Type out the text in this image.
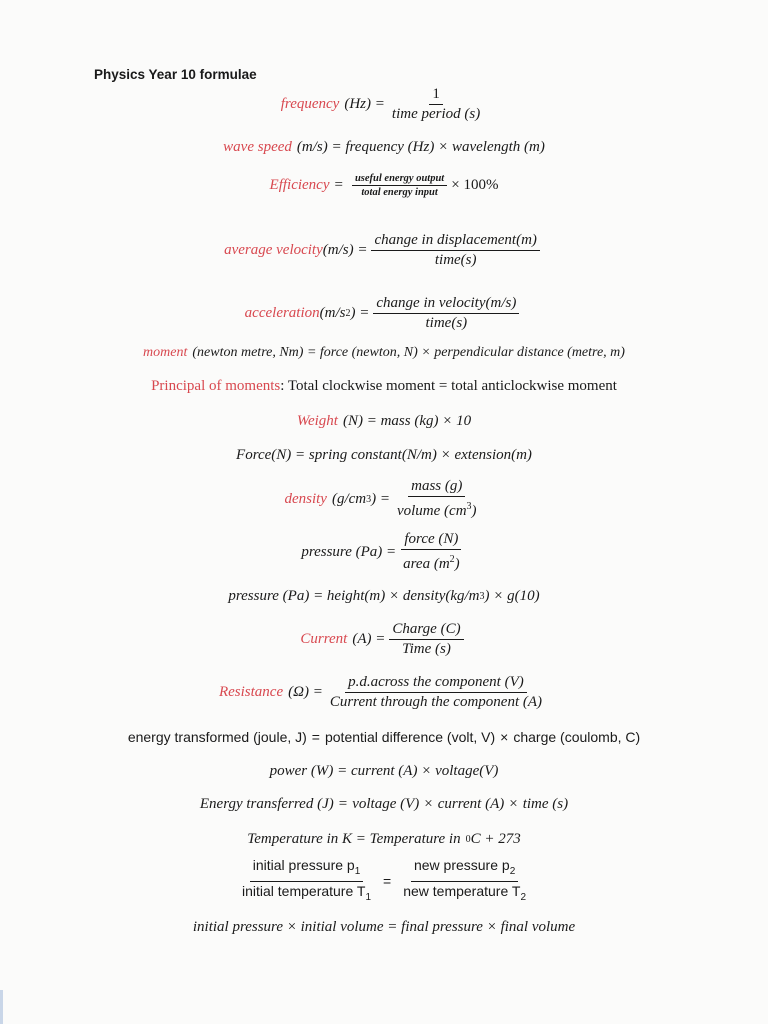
Physics Year 10 formulae
frequency $(Hz) = \frac{1}{\text{time period (s)}}$
wave speed (m/s) = frequency (Hz) × wavelength (m)
Efficiency = $\frac{\text{useful energy output}}{\text{total energy input}} \times 100\%$
average velocity $(m/s) = \frac{\text{change in displacement(m)}}{\text{time(s)}}$
acceleration (m/s 2 ) = $\frac{\text{change in velocity(m/s)}}{\text{time(s)}}$
moment (newton metre, Nm) = force (newton, N) × perpendicular distance (metre, m)
Principal of moments : Total clockwise moment = total anticlockwise moment
Weight (N) = mass (kg) × 10
Force(N) = spring constant(N/m) × extension(m)
density (g/cm 3 ) = $\frac{\text{mass (g)}}{volume (cm^3)}$
pressure $(Pa) = \frac{\text{force (N)}}{area (m^2)}$
pressure (Pa) = height(m) × density(kg/m 3 ) × g(10)
Current $(A) = \frac{\text{Charge (C)}}{\text{Time (s)}}$
Resistance $(\Omega) = \frac{\text{p.d.across the component (V)}}{\text{Current through the component (A)}}$
energy transformed (joule, J) = potential difference (volt, V) × charge (coulomb, C)
power (W) = current (A) × voltage(V)
Energy transferred (J) = voltage (V) × current (A) × time (s)
Temperature in K = Temperature in 0 C + 273
$\frac{initial pressure p_1}{initial temperature T_1} = \frac{new pressure p_2}{new temperature T_2}$
initial pressure × initial volume = final pressure × final volume
